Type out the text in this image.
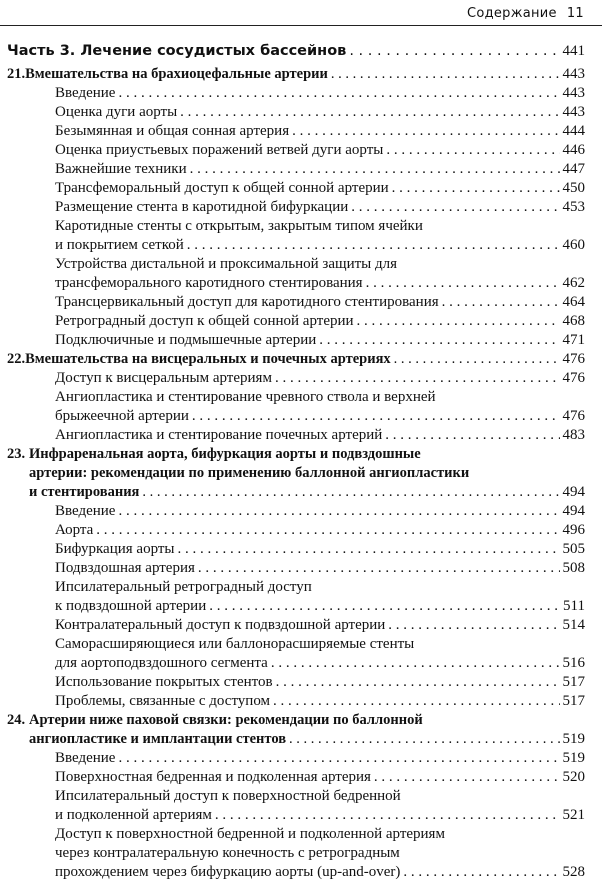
Содержание 11
Часть 3. Лечение сосудистых бассейнов . . .	441
21. Вмешательства на брахиоцефальные артерии . . .	443
Введение . . .	443
Оценка дуги аорты . . .	443
Безымянная и общая сонная артерия . . .	444
Оценка приустьевых поражений ветвей дуги аорты . . .	446
Важнейшие техники . . .	447
Трансфеморальный доступ к общей сонной артерии . . .	450
Размещение стента в каротидной бифуркации . . .	453
Каротидные стенты с открытым, закрытым типом ячейки
и покрытием сеткой . . .	460
Устройства дистальной и проксимальной защиты для
трансфеморального каротидного стентирования . . .	462
Трансцервикальный доступ для каротидного стентирования . . .	464
Ретроградный доступ к общей сонной артерии . . .	468
Подключичные и подмышечные артерии . . .	471
22. Вмешательства на висцеральных и почечных артериях . . .	476
Доступ к висцеральным артериям . . .	476
Ангиопластика и стентирование чревного ствола и верхней
брыжеечной артерии . . .	476
Ангиопластика и стентирование почечных артерий . . .	483
23. Инфраренальная аорта, бифуркация аорты и подвздошные
артерии: рекомендации по применению баллонной ангиопластики
и стентирования . . .	494
Введение . . .	494
Аорта . . .	496
Бифуркация аорты . . .	505
Подвздошная артерия . . .	508
Ипсилатеральный ретроградный доступ
к подвздошной артерии . . .	511
Контралатеральный доступ к подвздошной артерии . . .	514
Саморасширяющиеся или баллонорасширяемые стенты
для аортоподвздошного сегмента . . .	516
Использование покрытых стентов . . .	517
Проблемы, связанные с доступом . . .	517
24. Артерии ниже паховой связки: рекомендации по баллонной
ангиопластике и имплантации стентов . . .	519
Введение . . .	519
Поверхностная бедренная и подколенная артерия . . .	520
Ипсилатеральный доступ к поверхностной бедренной
и подколенной артериям . . .	521
Доступ к поверхностной бедренной и подколенной артериям
через контралатеральную конечность с ретроградным
прохождением через бифуркацию аорты (up-and-over) . . .	528
